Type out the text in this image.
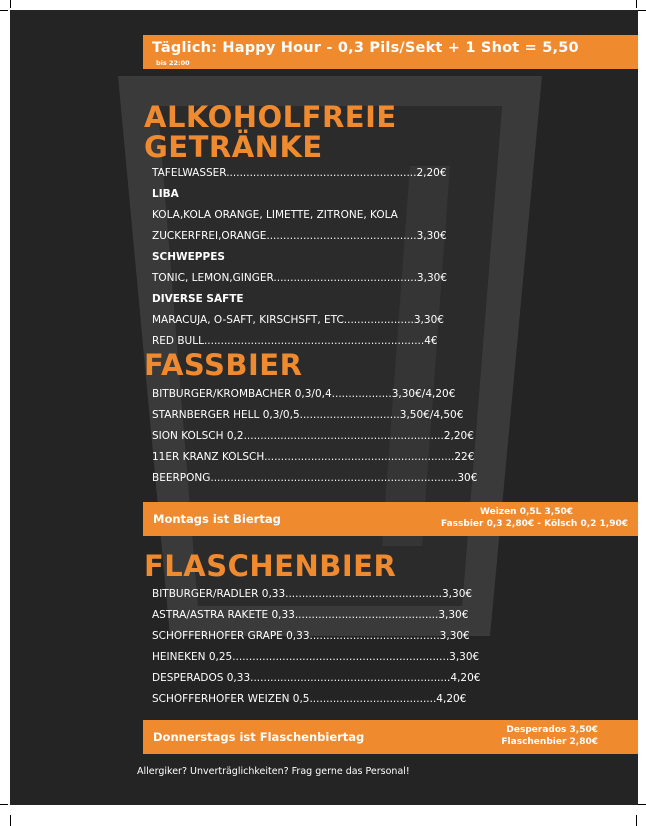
Täglich: Happy Hour - 0,3 Pils/Sekt + 1 Shot = 5,50
bis 22:00
ALKOHOLFREIE
GETRÄNKE
TAFELWASSER.........................................................2,20€
LIBA
KOLA,KOLA ORANGE, LIMETTE, ZITRONE, KOLA
ZUCKERFREI,ORANGE.............................................3,30€
SCHWEPPES
TONIC, LEMON,GINGER...........................................3,30€
DIVERSE SÄFTE
MARACUJA, O-SAFT, KIRSCHSFT, ETC.....................3,30€
RED BULL..................................................................4€
FASSBIER
BITBURGER/KROMBACHER 0,3/0,4..................3,30€/4,20€
STARNBERGER HELL 0,3/0,5..............................3,50€/4,50€
SION KÖLSCH 0,2............................................................2,20€
11ER KRANZ KÖLSCH.........................................................22€
BEERPONG..........................................................................30€
Montags ist Biertag	Weizen 0,5L 3,50€
Fassbier 0,3 2,80€ - Kölsch 0,2 1,90€
FLASCHENBIER
BITBURGER/RADLER 0,33...............................................3,30€
ASTRA/ASTRA RAKETE 0,33...........................................3,30€
SCHÖFFERHOFER GRAPE 0,33.......................................3,30€
HEINEKEN 0,25.................................................................3,30€
DESPERADOS 0,33............................................................4,20€
SCHÖFFERHOFER WEIZEN 0,5......................................4,20€
Donnerstags ist Flaschenbiertag	Desperados 3,50€
Flaschenbier 2,80€
Allergiker? Unverträglichkeiten? Frag gerne das Personal!
